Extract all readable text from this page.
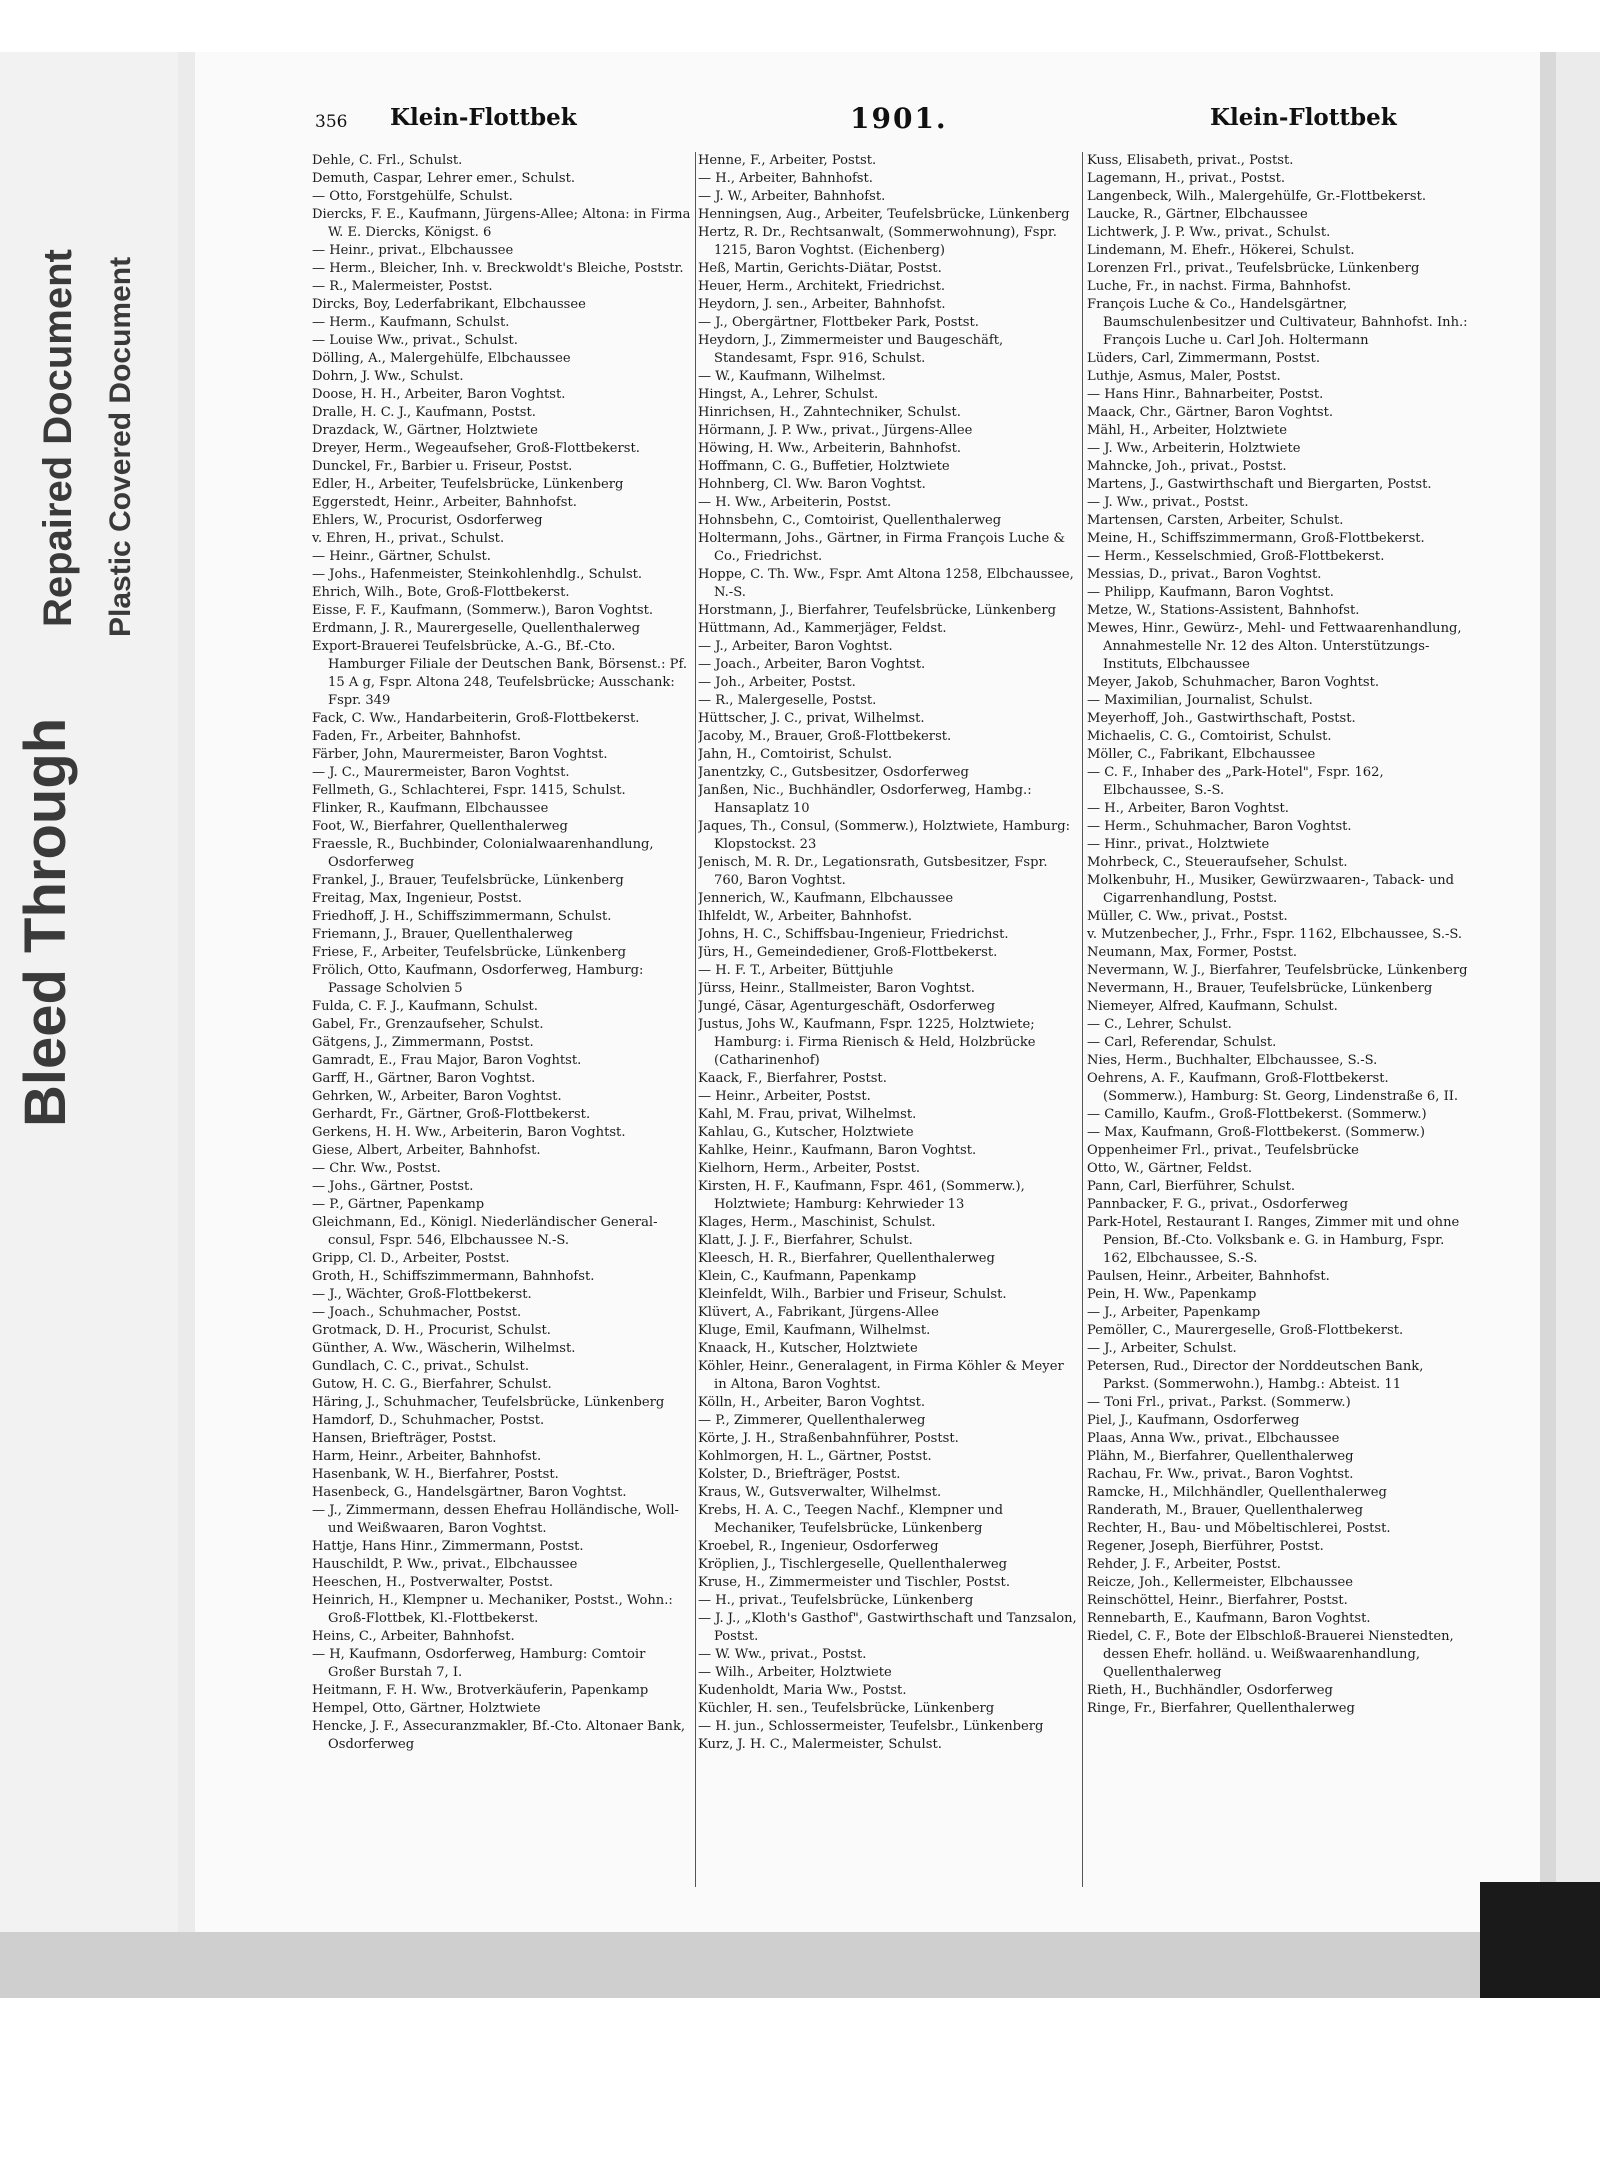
Bleed Through
Repaired Document Plastic Covered Document
356 Klein-Flottbek	1901.	Klein-Flottbek

Dehle, C. Frl., Schulst.

Demuth, Caspar, Lehrer emer., Schulst.

— Otto, Forstgehülfe, Schulst.

Diercks, F. E., Kaufmann, Jürgens-Allee; Altona: in Firma W. E. Diercks, Königst. 6

— Heinr., privat., Elbchaussee

— Herm., Bleicher, Inh. v. Breckwoldt's Bleiche, Poststr.

— R., Malermeister, Postst.

Dircks, Boy, Lederfabrikant, Elbchaussee

— Herm., Kaufmann, Schulst.

— Louise Ww., privat., Schulst.

Dölling, A., Malergehülfe, Elbchaussee

Dohrn, J. Ww., Schulst.

Doose, H. H., Arbeiter, Baron Voghtst.

Dralle, H. C. J., Kaufmann, Postst.

Drazdack, W., Gärtner, Holztwiete

Dreyer, Herm., Wegeaufseher, Groß-Flottbekerst.

Dunckel, Fr., Barbier u. Friseur, Postst.

Edler, H., Arbeiter, Teufelsbrücke, Lünkenberg

Eggerstedt, Heinr., Arbeiter, Bahnhofst.

Ehlers, W., Procurist, Osdorferweg

v. Ehren, H., privat., Schulst.

— Heinr., Gärtner, Schulst.

— Johs., Hafenmeister, Steinkohlenhdlg., Schulst.

Ehrich, Wilh., Bote, Groß-Flottbekerst.

Eisse, F. F., Kaufmann, (Sommerw.), Baron Voghtst.

Erdmann, J. R., Maurergeselle, Quellenthalerweg

Export-Brauerei Teufelsbrücke, A.-G., Bf.-Cto. Hamburger Filiale der Deutschen Bank, Börsenst.: Pf. 15 A g, Fspr. Altona 248, Teufelsbrücke; Ausschank: Fspr. 349

Fack, C. Ww., Handarbeiterin, Groß-Flottbekerst.

Faden, Fr., Arbeiter, Bahnhofst.

Färber, John, Maurermeister, Baron Voghtst.

— J. C., Maurermeister, Baron Voghtst.

Fellmeth, G., Schlachterei, Fspr. 1415, Schulst.

Flinker, R., Kaufmann, Elbchaussee

Foot, W., Bierfahrer, Quellenthalerweg

Fraessle, R., Buchbinder, Colonialwaarenhandlung, Osdorferweg

Frankel, J., Brauer, Teufelsbrücke, Lünkenberg

Freitag, Max, Ingenieur, Postst.

Friedhoff, J. H., Schiffszimmermann, Schulst.

Friemann, J., Brauer, Quellenthalerweg

Friese, F., Arbeiter, Teufelsbrücke, Lünkenberg

Frölich, Otto, Kaufmann, Osdorferweg, Hamburg: Passage Scholvien 5

Fulda, C. F. J., Kaufmann, Schulst.

Gabel, Fr., Grenzaufseher, Schulst.

Gätgens, J., Zimmermann, Postst.

Gamradt, E., Frau Major, Baron Voghtst.

Garff, H., Gärtner, Baron Voghtst.

Gehrken, W., Arbeiter, Baron Voghtst.

Gerhardt, Fr., Gärtner, Groß-Flottbekerst.

Gerkens, H. H. Ww., Arbeiterin, Baron Voghtst.

Giese, Albert, Arbeiter, Bahnhofst.

— Chr. Ww., Postst.

— Johs., Gärtner, Postst.

— P., Gärtner, Papenkamp

Gleichmann, Ed., Königl. Niederländischer General-consul, Fspr. 546, Elbchaussee N.-S.

Gripp, Cl. D., Arbeiter, Postst.

Groth, H., Schiffszimmermann, Bahnhofst.

— J., Wächter, Groß-Flottbekerst.

— Joach., Schuhmacher, Postst.

Grotmack, D. H., Procurist, Schulst.

Günther, A. Ww., Wäscherin, Wilhelmst.

Gundlach, C. C., privat., Schulst.

Gutow, H. C. G., Bierfahrer, Schulst.

Häring, J., Schuhmacher, Teufelsbrücke, Lünkenberg

Hamdorf, D., Schuhmacher, Postst.

Hansen, Briefträger, Postst.

Harm, Heinr., Arbeiter, Bahnhofst.

Hasenbank, W. H., Bierfahrer, Postst.

Hasenbeck, G., Handelsgärtner, Baron Voghtst.

— J., Zimmermann, dessen Ehefrau Holländische, Woll- und Weißwaaren, Baron Voghtst.

Hattje, Hans Hinr., Zimmermann, Postst.

Hauschildt, P. Ww., privat., Elbchaussee

Heeschen, H., Postverwalter, Postst.

Heinrich, H., Klempner u. Mechaniker, Postst., Wohn.: Groß-Flottbek, Kl.-Flottbekerst.

Heins, C., Arbeiter, Bahnhofst.

— H, Kaufmann, Osdorferweg, Hamburg: Comtoir Großer Burstah 7, I.

Heitmann, F. H. Ww., Brotverkäuferin, Papenkamp

Hempel, Otto, Gärtner, Holztwiete

Hencke, J. F., Assecuranzmakler, Bf.-Cto. Altonaer Bank, Osdorferweg

Henne, F., Arbeiter, Postst.

— H., Arbeiter, Bahnhofst.

— J. W., Arbeiter, Bahnhofst.

Henningsen, Aug., Arbeiter, Teufelsbrücke, Lünkenberg

Hertz, R. Dr., Rechtsanwalt, (Sommerwohnung), Fspr. 1215, Baron Voghtst. (Eichenberg)

Heß, Martin, Gerichts-Diätar, Postst.

Heuer, Herm., Architekt, Friedrichst.

Heydorn, J. sen., Arbeiter, Bahnhofst.

— J., Obergärtner, Flottbeker Park, Postst.

Heydorn, J., Zimmermeister und Baugeschäft, Standesamt, Fspr. 916, Schulst.

— W., Kaufmann, Wilhelmst.

Hingst, A., Lehrer, Schulst.

Hinrichsen, H., Zahntechniker, Schulst.

Hörmann, J. P. Ww., privat., Jürgens-Allee

Höwing, H. Ww., Arbeiterin, Bahnhofst.

Hoffmann, C. G., Buffetier, Holztwiete

Hohnberg, Cl. Ww. Baron Voghtst.

— H. Ww., Arbeiterin, Postst.

Hohnsbehn, C., Comtoirist, Quellenthalerweg

Holtermann, Johs., Gärtner, in Firma François Luche & Co., Friedrichst.

Hoppe, C. Th. Ww., Fspr. Amt Altona 1258, Elbchaussee, N.-S.

Horstmann, J., Bierfahrer, Teufelsbrücke, Lünkenberg

Hüttmann, Ad., Kammerjäger, Feldst.

— J., Arbeiter, Baron Voghtst.

— Joach., Arbeiter, Baron Voghtst.

— Joh., Arbeiter, Postst.

— R., Malergeselle, Postst.

Hüttscher, J. C., privat, Wilhelmst.

Jacoby, M., Brauer, Groß-Flottbekerst.

Jahn, H., Comtoirist, Schulst.

Janentzky, C., Gutsbesitzer, Osdorferweg

Janßen, Nic., Buchhändler, Osdorferweg, Hambg.: Hansaplatz 10

Jaques, Th., Consul, (Sommerw.), Holztwiete, Hamburg: Klopstockst. 23

Jenisch, M. R. Dr., Legationsrath, Gutsbesitzer, Fspr. 760, Baron Voghtst.

Jennerich, W., Kaufmann, Elbchaussee

Ihlfeldt, W., Arbeiter, Bahnhofst.

Johns, H. C., Schiffsbau-Ingenieur, Friedrichst.

Jürs, H., Gemeindediener, Groß-Flottbekerst.

— H. F. T., Arbeiter, Büttjuhle

Jürss, Heinr., Stallmeister, Baron Voghtst.

Jungé, Cäsar, Agenturgeschäft, Osdorferweg

Justus, Johs W., Kaufmann, Fspr. 1225, Holztwiete; Hamburg: i. Firma Rienisch & Held, Holzbrücke (Catharinenhof)

Kaack, F., Bierfahrer, Postst.

— Heinr., Arbeiter, Postst.

Kahl, M. Frau, privat, Wilhelmst.

Kahlau, G., Kutscher, Holztwiete

Kahlke, Heinr., Kaufmann, Baron Voghtst.

Kielhorn, Herm., Arbeiter, Postst.

Kirsten, H. F., Kaufmann, Fspr. 461, (Sommerw.), Holztwiete; Hamburg: Kehrwieder 13

Klages, Herm., Maschinist, Schulst.

Klatt, J. J. F., Bierfahrer, Schulst.

Kleesch, H. R., Bierfahrer, Quellenthalerweg

Klein, C., Kaufmann, Papenkamp

Kleinfeldt, Wilh., Barbier und Friseur, Schulst.

Klüvert, A., Fabrikant, Jürgens-Allee

Kluge, Emil, Kaufmann, Wilhelmst.

Knaack, H., Kutscher, Holztwiete

Köhler, Heinr., Generalagent, in Firma Köhler & Meyer in Altona, Baron Voghtst.

Kölln, H., Arbeiter, Baron Voghtst.

— P., Zimmerer, Quellenthalerweg

Körte, J. H., Straßenbahnführer, Postst.

Kohlmorgen, H. L., Gärtner, Postst.

Kolster, D., Briefträger, Postst.

Kraus, W., Gutsverwalter, Wilhelmst.

Krebs, H. A. C., Teegen Nachf., Klempner und Mechaniker, Teufelsbrücke, Lünkenberg

Kroebel, R., Ingenieur, Osdorferweg

Kröplien, J., Tischlergeselle, Quellenthalerweg

Kruse, H., Zimmermeister und Tischler, Postst.

— H., privat., Teufelsbrücke, Lünkenberg

— J. J., „Kloth's Gasthof", Gastwirthschaft und Tanzsalon, Postst.

— W. Ww., privat., Postst.

— Wilh., Arbeiter, Holztwiete

Kudenholdt, Maria Ww., Postst.

Küchler, H. sen., Teufelsbrücke, Lünkenberg

— H. jun., Schlossermeister, Teufelsbr., Lünkenberg

Kurz, J. H. C., Malermeister, Schulst.

Kuss, Elisabeth, privat., Postst.

Lagemann, H., privat., Postst.

Langenbeck, Wilh., Malergehülfe, Gr.-Flottbekerst.

Laucke, R., Gärtner, Elbchaussee

Lichtwerk, J. P. Ww., privat., Schulst.

Lindemann, M. Ehefr., Hökerei, Schulst.

Lorenzen Frl., privat., Teufelsbrücke, Lünkenberg

Luche, Fr., in nachst. Firma, Bahnhofst.

François Luche & Co., Handelsgärtner, Baumschulenbesitzer und Cultivateur, Bahnhofst. Inh.: François Luche u. Carl Joh. Holtermann

Lüders, Carl, Zimmermann, Postst.

Luthje, Asmus, Maler, Postst.

— Hans Hinr., Bahnarbeiter, Postst.

Maack, Chr., Gärtner, Baron Voghtst.

Mähl, H., Arbeiter, Holztwiete

— J. Ww., Arbeiterin, Holztwiete

Mahncke, Joh., privat., Postst.

Martens, J., Gastwirthschaft und Biergarten, Postst.

— J. Ww., privat., Postst.

Martensen, Carsten, Arbeiter, Schulst.

Meine, H., Schiffszimmermann, Groß-Flottbekerst.

— Herm., Kesselschmied, Groß-Flottbekerst.

Messias, D., privat., Baron Voghtst.

— Philipp, Kaufmann, Baron Voghtst.

Metze, W., Stations-Assistent, Bahnhofst.

Mewes, Hinr., Gewürz-, Mehl- und Fettwaarenhandlung, Annahmestelle Nr. 12 des Alton. Unterstützungs-Instituts, Elbchaussee

Meyer, Jakob, Schuhmacher, Baron Voghtst.

— Maximilian, Journalist, Schulst.

Meyerhoff, Joh., Gastwirthschaft, Postst.

Michaelis, C. G., Comtoirist, Schulst.

Möller, C., Fabrikant, Elbchaussee

— C. F., Inhaber des „Park-Hotel", Fspr. 162, Elbchaussee, S.-S.

— H., Arbeiter, Baron Voghtst.

— Herm., Schuhmacher, Baron Voghtst.

— Hinr., privat., Holztwiete

Mohrbeck, C., Steueraufseher, Schulst.

Molkenbuhr, H., Musiker, Gewürzwaaren-, Taback- und Cigarrenhandlung, Postst.

Müller, C. Ww., privat., Postst.

v. Mutzenbecher, J., Frhr., Fspr. 1162, Elbchaussee, S.-S.

Neumann, Max, Former, Postst.

Nevermann, W. J., Bierfahrer, Teufelsbrücke, Lünkenberg

Nevermann, H., Brauer, Teufelsbrücke, Lünkenberg

Niemeyer, Alfred, Kaufmann, Schulst.

— C., Lehrer, Schulst.

— Carl, Referendar, Schulst.

Nies, Herm., Buchhalter, Elbchaussee, S.-S.

Oehrens, A. F., Kaufmann, Groß-Flottbekerst. (Sommerw.), Hamburg: St. Georg, Lindenstraße 6, II.

— Camillo, Kaufm., Groß-Flottbekerst. (Sommerw.)

— Max, Kaufmann, Groß-Flottbekerst. (Sommerw.)

Oppenheimer Frl., privat., Teufelsbrücke

Otto, W., Gärtner, Feldst.

Pann, Carl, Bierführer, Schulst.

Pannbacker, F. G., privat., Osdorferweg

Park-Hotel, Restaurant I. Ranges, Zimmer mit und ohne Pension, Bf.-Cto. Volksbank e. G. in Hamburg, Fspr. 162, Elbchaussee, S.-S.

Paulsen, Heinr., Arbeiter, Bahnhofst.

Pein, H. Ww., Papenkamp

— J., Arbeiter, Papenkamp

Pemöller, C., Maurergeselle, Groß-Flottbekerst.

— J., Arbeiter, Schulst.

Petersen, Rud., Director der Norddeutschen Bank, Parkst. (Sommerwohn.), Hambg.: Abteist. 11

— Toni Frl., privat., Parkst. (Sommerw.)

Piel, J., Kaufmann, Osdorferweg

Plaas, Anna Ww., privat., Elbchaussee

Plähn, M., Bierfahrer, Quellenthalerweg

Rachau, Fr. Ww., privat., Baron Voghtst.

Ramcke, H., Milchhändler, Quellenthalerweg

Randerath, M., Brauer, Quellenthalerweg

Rechter, H., Bau- und Möbeltischlerei, Postst.

Regener, Joseph, Bierführer, Postst.

Rehder, J. F., Arbeiter, Postst.

Reicze, Joh., Kellermeister, Elbchaussee

Reinschöttel, Heinr., Bierfahrer, Postst.

Rennebarth, E., Kaufmann, Baron Voghtst.

Riedel, C. F., Bote der Elbschloß-Brauerei Nienstedten, dessen Ehefr. holländ. u. Weißwaarenhandlung, Quellenthalerweg

Rieth, H., Buchhändler, Osdorferweg

Ringe, Fr., Bierfahrer, Quellenthalerweg
